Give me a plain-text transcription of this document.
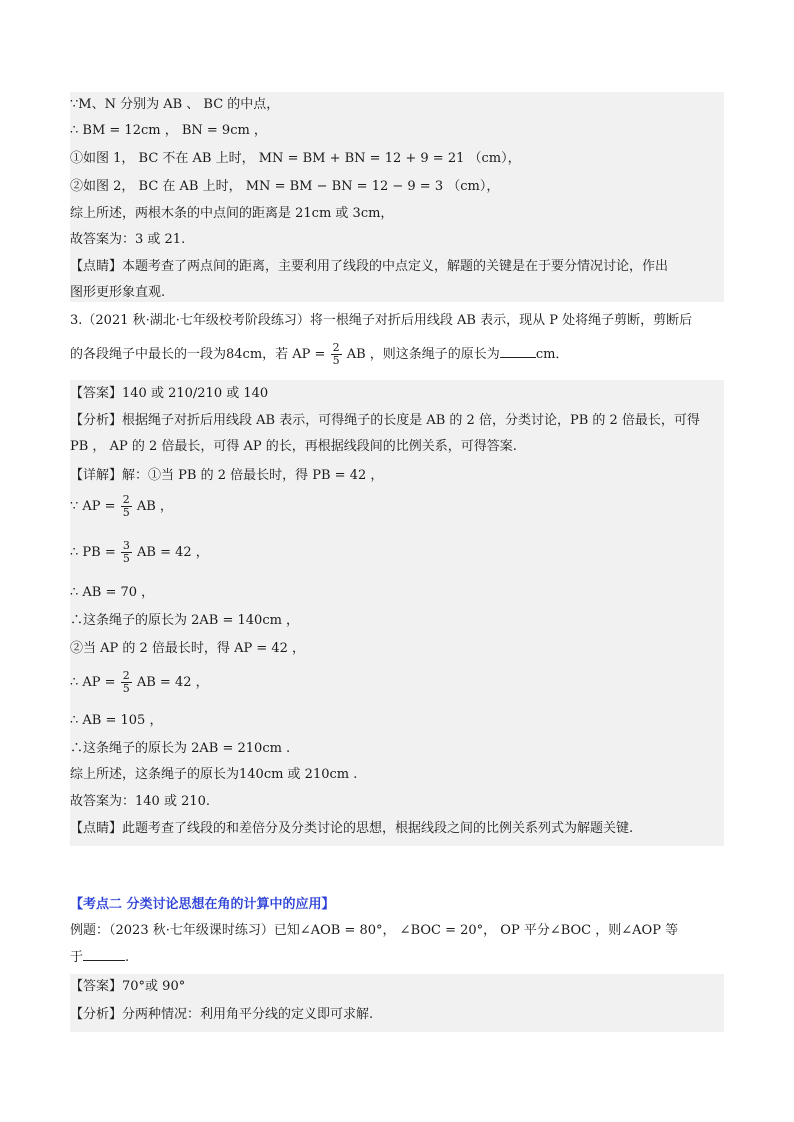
∵M、N 分别为 AB 、 BC 的中点，
∴ BM = 12cm ， BN = 9cm ，
①如图 1， BC 不在 AB 上时， MN = BM + BN = 12 + 9 = 21 （cm），
②如图 2， BC 在 AB 上时， MN = BM − BN = 12 − 9 = 3 （cm），
综上所述，两根木条的中点间的距离是 21cm 或 3cm，
故答案为：3 或 21.
【点睛】本题考查了两点间的距离，主要利用了线段的中点定义，解题的关键是在于要分情况讨论，作出
图形更形象直观.
3.（2021 秋·湖北·七年级校考阶段练习）将一根绳子对折后用线段 AB 表示，现从 P 处将绳子剪断，剪断后
的各段绳子中最长的一段为84cm，若 AP = $\frac{2}{5}$ AB ，则这条绳子的原长为	cm．
【答案】140 或 210/210 或 140
【分析】根据绳子对折后用线段 AB 表示，可得绳子的长度是 AB 的 2 倍，分类讨论，PB 的 2 倍最长，可得
PB ， AP 的 2 倍最长，可得 AP 的长，再根据线段间的比例关系，可得答案.
【详解】解：①当 PB 的 2 倍最长时，得 PB = 42 ，
∵ AP = $\frac{2}{5}$ AB ，
∴ PB = $\frac{3}{5}$ AB = 42 ，
∴ AB = 70 ，
∴这条绳子的原长为 2AB = 140cm ，
②当 AP 的 2 倍最长时，得 AP = 42 ，
∴ AP = $\frac{2}{5}$ AB = 42 ，
∴ AB = 105 ，
∴这条绳子的原长为 2AB = 210cm .
综上所述，这条绳子的原长为140cm 或 210cm .
故答案为：140 或 210.
【点睛】此题考查了线段的和差倍分及分类讨论的思想，根据线段之间的比例关系列式为解题关键.
【考点二 分类讨论思想在角的计算中的应用】
例题：（2023 秋·七年级课时练习）已知∠AOB = 80°， ∠BOC = 20°， OP 平分∠BOC ，则∠AOP 等
于	.
【答案】70°或 90°
【分析】分两种情况：利用角平分线的定义即可求解.
